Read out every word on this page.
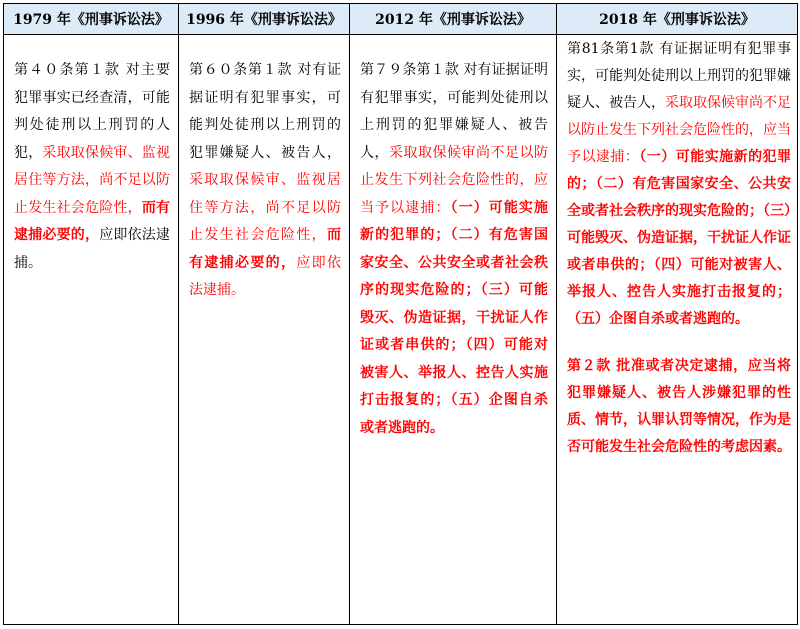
1979 年《刑事诉讼法》	1996 年《刑事诉讼法》	2012 年《刑事诉讼法》	2018 年《刑事诉讼法》

第４０条第１款 对主要犯罪事实已经查清，可能判处徒刑以上刑罚的人犯，采取取保候审、监视居住等方法，尚不足以防止发生社会危险性，而有逮捕必要的，应即依法逮捕。	第６０条第１款 对有证据证明有犯罪事实，可能判处徒刑以上刑罚的犯罪嫌疑人、被告人，采取取保候审、监视居住等方法，尚不足以防止发生社会危险性，而有逮捕必要的，应即依法逮捕。	第７９条第１款 对有证据证明有犯罪事实，可能判处徒刑以上刑罚的犯罪嫌疑人、被告人，采取取保候审尚不足以防止发生下列社会危险性的，应当予以逮捕：（一）可能实施新的犯罪的；（二）有危害国家安全、公共安全或者社会秩序的现实危险的；（三）可能毁灭、伪造证据，干扰证人作证或者串供的；（四）可能对被害人、举报人、控告人实施打击报复的；（五）企图自杀或者逃跑的。	第81条第1款 有证据证明有犯罪事实，可能判处徒刑以上刑罚的犯罪嫌疑人、被告人，采取取保候审尚不足以防止发生下列社会危险性的，应当予以逮捕：（一）可能实施新的犯罪的；（二）有危害国家安全、公共安全或者社会秩序的现实危险的；（三）可能毁灭、伪造证据，干扰证人作证或者串供的；（四）可能对被害人、举报人、控告人实施打击报复的；（五）企图自杀或者逃跑的。

第２款 批准或者决定逮捕，应当将犯罪嫌疑人、被告人涉嫌犯罪的性质、情节，认罪认罚等情况，作为是否可能发生社会危险性的考虑因素。
